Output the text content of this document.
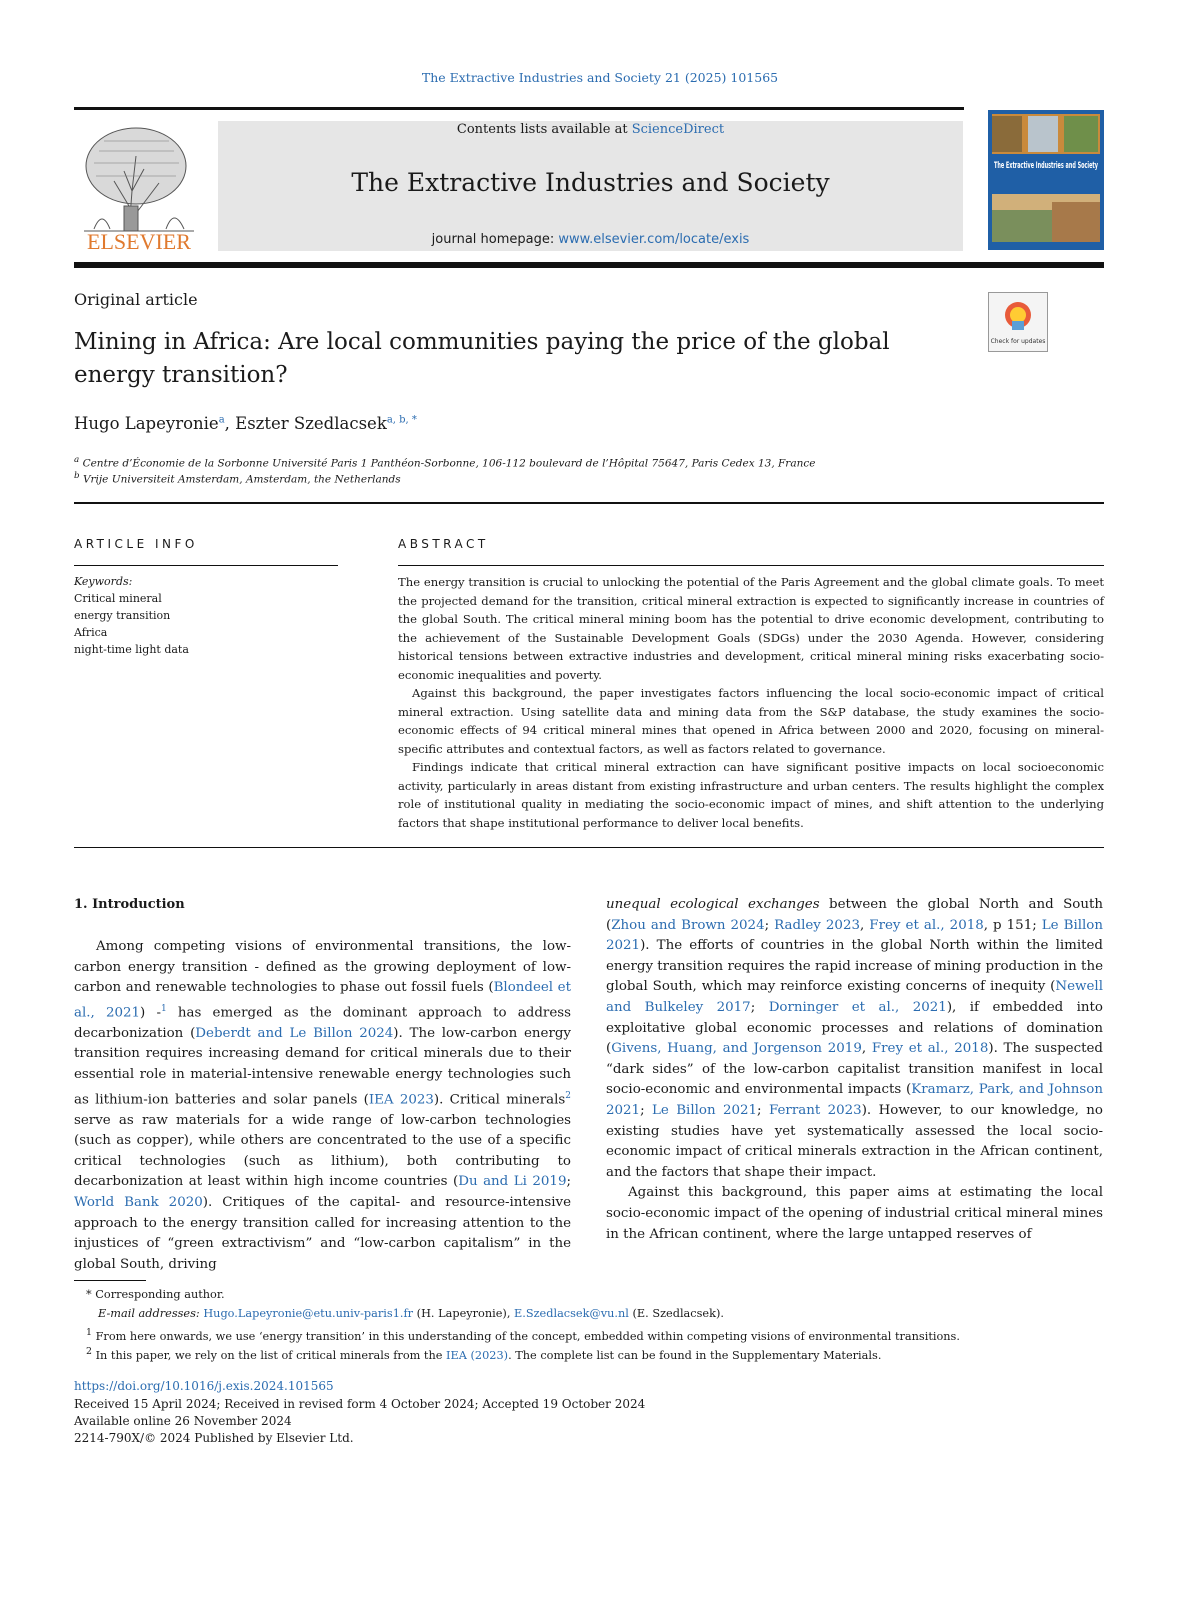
The Extractive Industries and Society 21 (2025) 101565
ELSEVIER
Contents lists available at ScienceDirect
The Extractive Industries and Society
journal homepage: www.elsevier.com/locate/exis
The Extractive Industries and Society
Check for updates
Original article
Mining in Africa: Are local communities paying the price of the global energy transition?
Hugo Lapeyronie$^a$, Eszter Szedlacsek$^{a, b, *}$
$^a$ Centre d’Économie de la Sorbonne Université Paris 1 Panthéon-Sorbonne, 106-112 boulevard de l’Hôpital 75647, Paris Cedex 13, France
$^b$ Vrije Universiteit Amsterdam, Amsterdam, the Netherlands
ARTICLE INFO
Keywords:
Critical mineral
energy transition
Africa
night-time light data
ABSTRACT

The energy transition is crucial to unlocking the potential of the Paris Agreement and the global climate goals. To meet the projected demand for the transition, critical mineral extraction is expected to significantly increase in countries of the global South. The critical mineral mining boom has the potential to drive economic development, contributing to the achievement of the Sustainable Development Goals (SDGs) under the 2030 Agenda. However, considering historical tensions between extractive industries and development, critical mineral mining risks exacerbating socio-economic inequalities and poverty.

Against this background, the paper investigates factors influencing the local socio-economic impact of critical mineral extraction. Using satellite data and mining data from the S&P database, the study examines the socio-economic effects of 94 critical mineral mines that opened in Africa between 2000 and 2020, focusing on mineral-specific attributes and contextual factors, as well as factors related to governance.

Findings indicate that critical mineral extraction can have significant positive impacts on local socioeconomic activity, particularly in areas distant from existing infrastructure and urban centers. The results highlight the complex role of institutional quality in mediating the socio-economic impact of mines, and shift attention to the underlying factors that shape institutional performance to deliver local benefits.

1. Introduction
Among competing visions of environmental transitions, the low-carbon energy transition - defined as the growing deployment of low-carbon and renewable technologies to phase out fossil fuels (Blondeel et al., 2021) -$^1$ has emerged as the dominant approach to address decarbonization (Deberdt and Le Billon 2024). The low-carbon energy transition requires increasing demand for critical minerals due to their essential role in material-intensive renewable energy technologies such as lithium-ion batteries and solar panels (IEA 2023). Critical minerals$^2$ serve as raw materials for a wide range of low-carbon technologies (such as copper), while others are concentrated to the use of a specific critical technologies (such as lithium), both contributing to decarbonization at least within high income countries (Du and Li 2019; World Bank 2020). Critiques of the capital- and resource-intensive approach to the energy transition called for increasing attention to the injustices of “green extractivism” and “low-carbon capitalism” in the global South, driving

unequal ecological exchanges between the global North and South (Zhou and Brown 2024; Radley 2023, Frey et al., 2018, p 151; Le Billon 2021). The efforts of countries in the global North within the limited energy transition requires the rapid increase of mining production in the global South, which may reinforce existing concerns of inequity (Newell and Bulkeley 2017; Dorninger et al., 2021), if embedded into exploitative global economic processes and relations of domination (Givens, Huang, and Jorgenson 2019, Frey et al., 2018). The suspected “dark sides” of the low-carbon capitalist transition manifest in local socio-economic and environmental impacts (Kramarz, Park, and Johnson 2021; Le Billon 2021; Ferrant 2023). However, to our knowledge, no existing studies have yet systematically assessed the local socio-economic impact of critical minerals extraction in the African continent, and the factors that shape their impact.

Against this background, this paper aims at estimating the local socio-economic impact of the opening of industrial critical mineral mines in the African continent, where the large untapped reserves of

* Corresponding author.
E-mail addresses: Hugo.Lapeyronie@etu.univ-paris1.fr (H. Lapeyronie), E.Szedlacsek@vu.nl (E. Szedlacsek).
$^1$ From here onwards, we use ‘energy transition’ in this understanding of the concept, embedded within competing visions of environmental transitions.
$^2$ In this paper, we rely on the list of critical minerals from the IEA (2023). The complete list can be found in the Supplementary Materials.
https://doi.org/10.1016/j.exis.2024.101565
Received 15 April 2024; Received in revised form 4 October 2024; Accepted 19 October 2024
Available online 26 November 2024
2214-790X/© 2024 Published by Elsevier Ltd.
